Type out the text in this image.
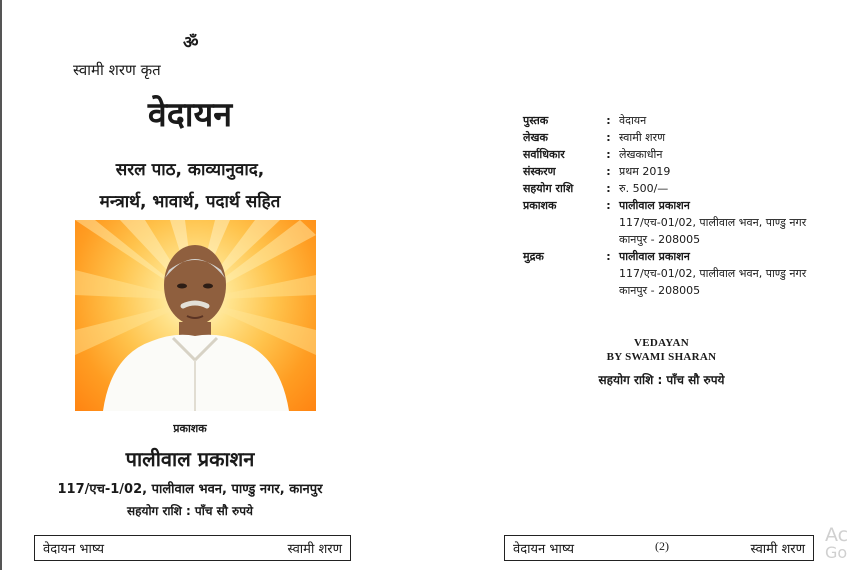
ॐ
स्वामी शरण कृत
वेदायन
सरल पाठ, काव्यानुवाद,
मन्त्रार्थ, भावार्थ, पदार्थ सहित
प्रकाशक
पालीवाल प्रकाशन
117/एच-1/02, पालीवाल भवन, पाण्डु नगर, कानपुर
सहयोग राशि : पाँच सौ रुपये
वेदायन भाष्य	स्वामी शरण
पुस्तक	: वेदायन
लेखक	: स्वामी शरण
सर्वाधिकार	: लेखकाधीन
संस्करण	: प्रथम 2019
सहयोग राशि	: रु. 500/—
प्रकाशक	: पालीवाल प्रकाशन
117/एच-01/02, पालीवाल भवन, पाण्डु नगर
कानपुर - 208005
मुद्रक	: पालीवाल प्रकाशन
117/एच-01/02, पालीवाल भवन, पाण्डु नगर
कानपुर - 208005
VEDAYAN
BY SWAMI SHARAN
सहयोग राशि : पाँच सौ रुपये
वेदायन भाष्य	(2)	स्वामी शरण
Ac
Go
